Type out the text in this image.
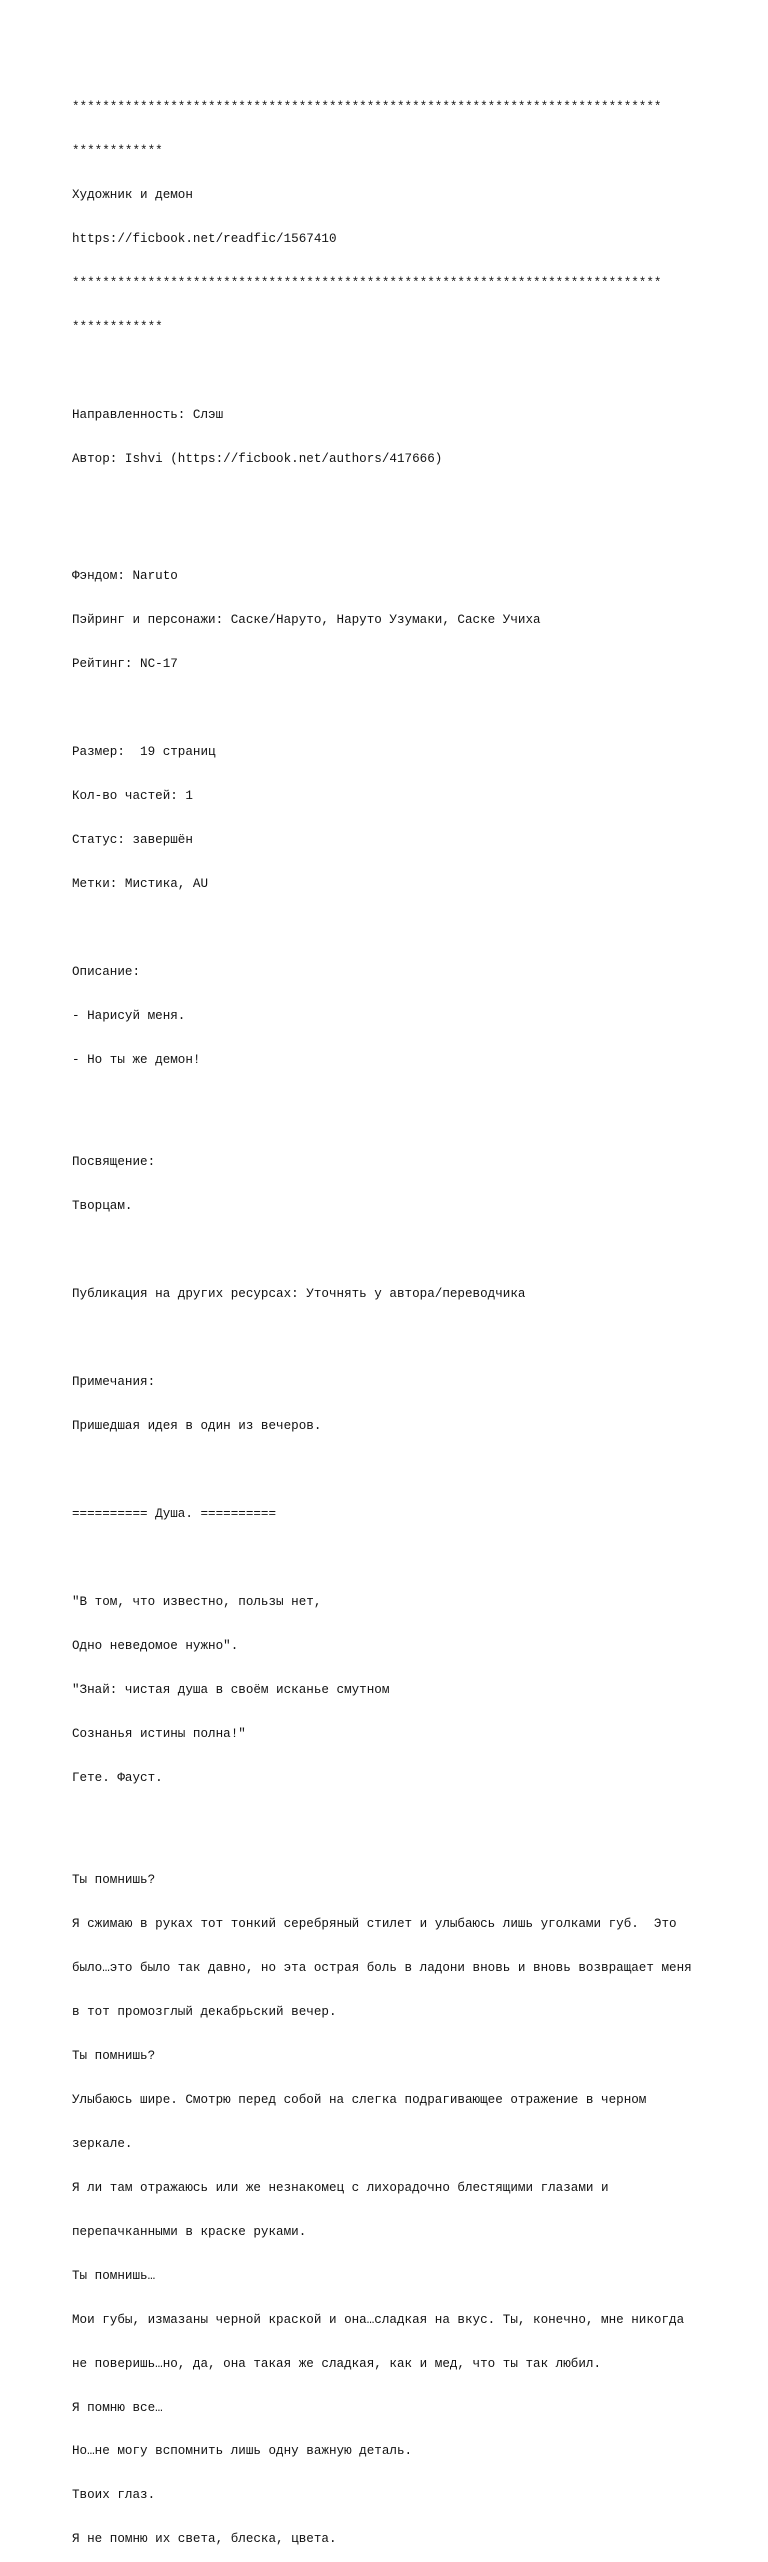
******************************************************************************

************

Художник и демон

https://ficbook.net/readfic/1567410

******************************************************************************

************

Направленность: Слэш

Автор: Ishvi (https://ficbook.net/authors/417666)

Фэндом: Naruto

Пэйринг и персонажи: Саске/Наруто, Наруто Узумаки, Саске Учиха

Рейтинг: NC-17

Размер:  19 страниц

Кол-во частей: 1

Статус: завершён

Метки: Мистика, AU

Описание:

- Нарисуй меня.

- Но ты же демон!

Посвящение:

Творцам.

Публикация на других ресурсах: Уточнять у автора/переводчика

Примечания:

Пришедшая идея в один из вечеров.

========== Душа. ==========

"В том, что известно, пользы нет,

Одно неведомое нужно".

"Знай: чистая душа в своём исканье смутном

Сознанья истины полна!"

Гете. Фауст.

Ты помнишь?

Я сжимаю в руках тот тонкий серебряный стилет и улыбаюсь лишь уголками губ.  Это

было…это было так давно, но эта острая боль в ладони вновь и вновь возвращает меня

в тот промозглый декабрьский вечер.

Ты помнишь?

Улыбаюсь шире. Смотрю перед собой на слегка подрагивающее отражение в черном

зеркале.

Я ли там отражаюсь или же незнакомец с лихорадочно блестящими глазами и

перепачканными в краске руками.

Ты помнишь…

Мои губы, измазаны черной краской и она…сладкая на вкус. Ты, конечно, мне никогда

не поверишь…но, да, она такая же сладкая, как и мед, что ты так любил.

Я помню все…

Но…не могу вспомнить лишь одну важную деталь.

Твоих глаз.

Я не помню их света, блеска, цвета.
